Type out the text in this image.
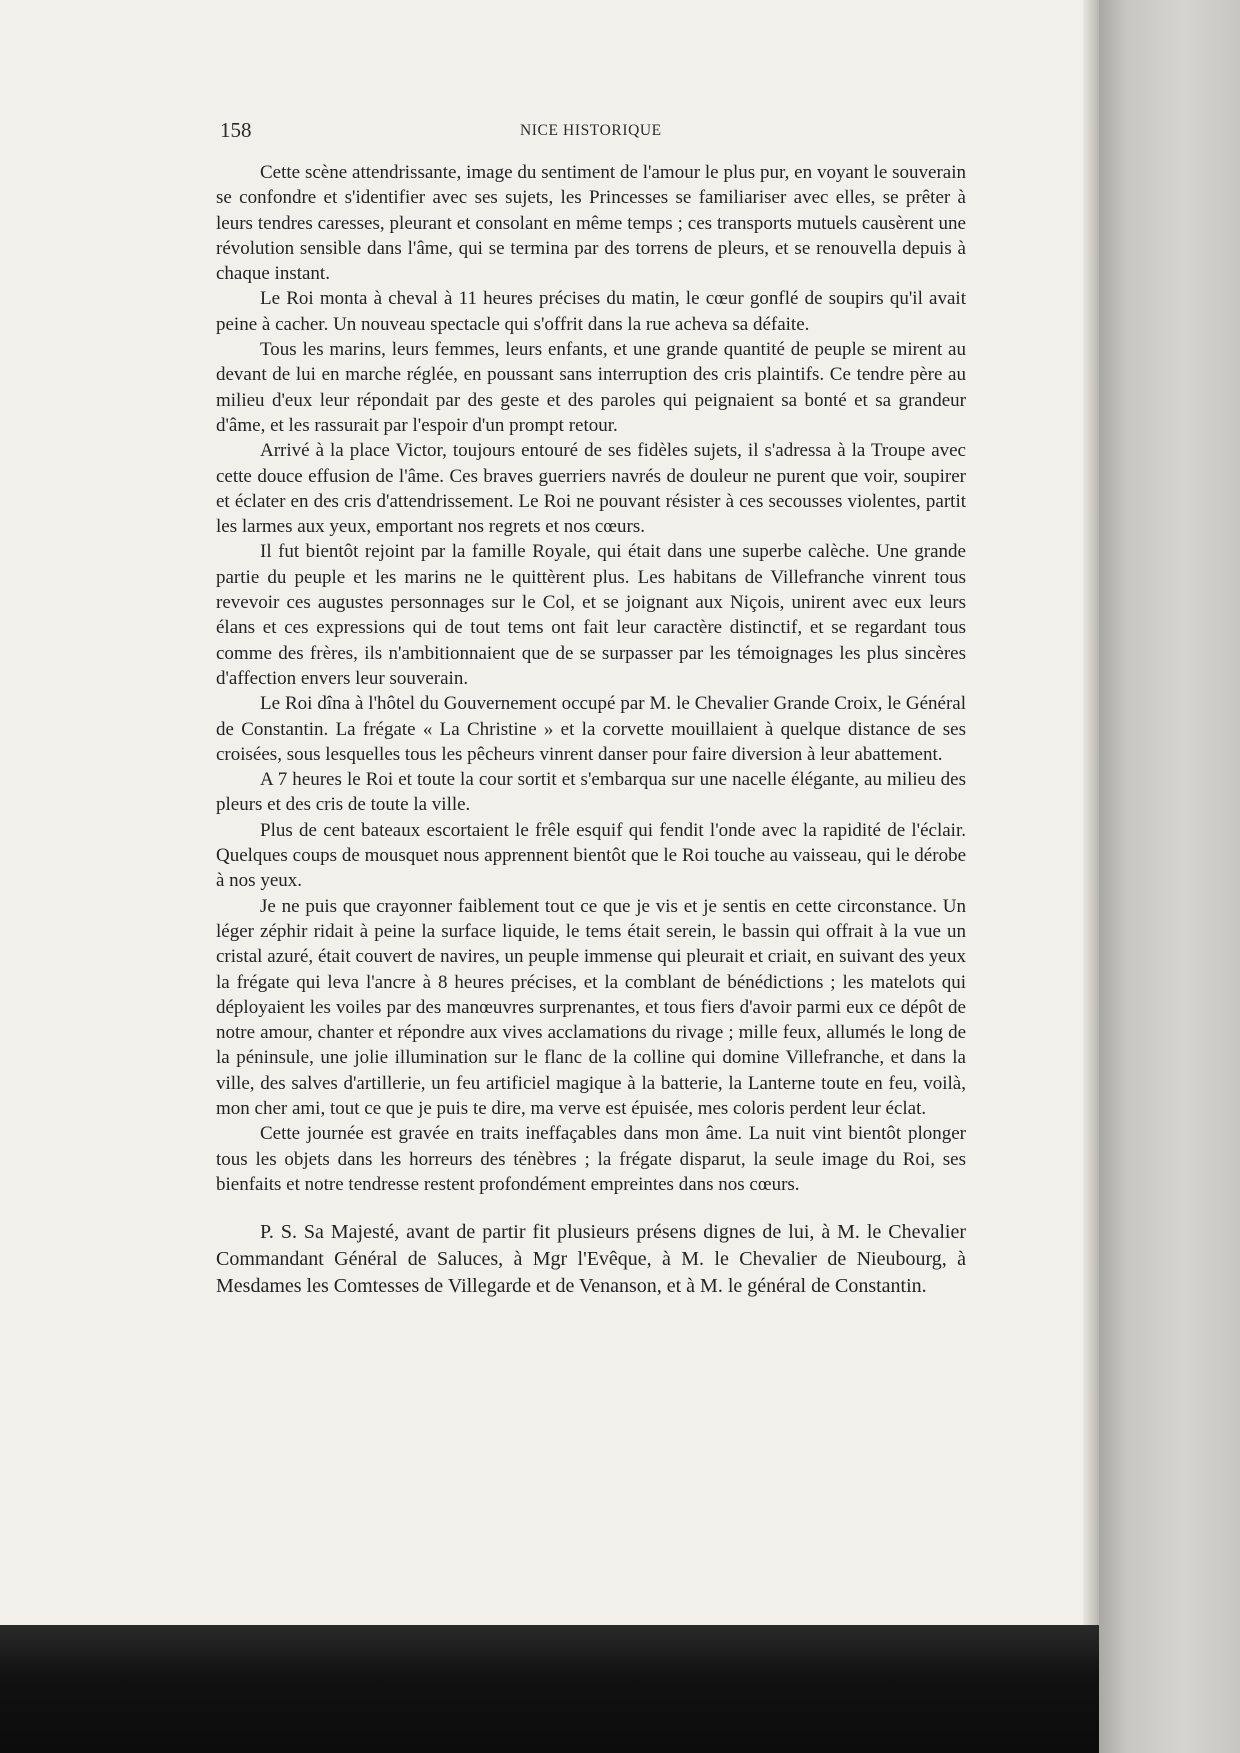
158	NICE HISTORIQUE

Cette scène attendrissante, image du sentiment de l'amour le plus pur, en voyant le souverain se confondre et s'identifier avec ses sujets, les Princesses se familiariser avec elles, se prêter à leurs tendres caresses, pleurant et consolant en même temps ; ces transports mutuels causèrent une révolution sensible dans l'âme, qui se termina par des torrens de pleurs, et se renouvella depuis à chaque instant.

Le Roi monta à cheval à 11 heures précises du matin, le cœur gonflé de soupirs qu'il avait peine à cacher. Un nouveau spectacle qui s'offrit dans la rue acheva sa défaite.

Tous les marins, leurs femmes, leurs enfants, et une grande quantité de peuple se mirent au devant de lui en marche réglée, en poussant sans interruption des cris plaintifs. Ce tendre père au milieu d'eux leur répondait par des geste et des paroles qui peignaient sa bonté et sa grandeur d'âme, et les rassurait par l'espoir d'un prompt retour.

Arrivé à la place Victor, toujours entouré de ses fidèles sujets, il s'adressa à la Troupe avec cette douce effusion de l'âme. Ces braves guerriers navrés de douleur ne purent que voir, soupirer et éclater en des cris d'attendrissement. Le Roi ne pouvant résister à ces secousses violentes, partit les larmes aux yeux, emportant nos regrets et nos cœurs.

Il fut bientôt rejoint par la famille Royale, qui était dans une superbe calèche. Une grande partie du peuple et les marins ne le quittèrent plus. Les habitans de Villefranche vinrent tous revevoir ces augustes personnages sur le Col, et se joignant aux Niçois, unirent avec eux leurs élans et ces expressions qui de tout tems ont fait leur caractère distinctif, et se regardant tous comme des frères, ils n'ambitionnaient que de se surpasser par les témoignages les plus sincères d'affection envers leur souverain.

Le Roi dîna à l'hôtel du Gouvernement occupé par M. le Chevalier Grande Croix, le Général de Constantin. La frégate « La Christine » et la corvette mouillaient à quelque distance de ses croisées, sous lesquelles tous les pêcheurs vinrent danser pour faire diversion à leur abattement.

A 7 heures le Roi et toute la cour sortit et s'embarqua sur une nacelle élégante, au milieu des pleurs et des cris de toute la ville.

Plus de cent bateaux escortaient le frêle esquif qui fendit l'onde avec la rapidité de l'éclair. Quelques coups de mousquet nous apprennent bientôt que le Roi touche au vaisseau, qui le dérobe à nos yeux.

Je ne puis que crayonner faiblement tout ce que je vis et je sentis en cette circonstance. Un léger zéphir ridait à peine la surface liquide, le tems était serein, le bassin qui offrait à la vue un cristal azuré, était couvert de navires, un peuple immense qui pleurait et criait, en suivant des yeux la frégate qui leva l'ancre à 8 heures précises, et la comblant de bénédictions ; les matelots qui déployaient les voiles par des manœuvres surprenantes, et tous fiers d'avoir parmi eux ce dépôt de notre amour, chanter et répondre aux vives acclamations du rivage ; mille feux, allumés le long de la péninsule, une jolie illumination sur le flanc de la colline qui domine Villefranche, et dans la ville, des salves d'artillerie, un feu artificiel magique à la batterie, la Lanterne toute en feu, voilà, mon cher ami, tout ce que je puis te dire, ma verve est épuisée, mes coloris perdent leur éclat.

Cette journée est gravée en traits ineffaçables dans mon âme. La nuit vint bientôt plonger tous les objets dans les horreurs des ténèbres ; la frégate disparut, la seule image du Roi, ses bienfaits et notre tendresse restent profondément empreintes dans nos cœurs.

P. S. Sa Majesté, avant de partir fit plusieurs présens dignes de lui, à M. le Chevalier Commandant Général de Saluces, à Mgr l'Evêque, à M. le Chevalier de Nieubourg, à Mesdames les Comtesses de Villegarde et de Venanson, et à M. le général de Constantin.
